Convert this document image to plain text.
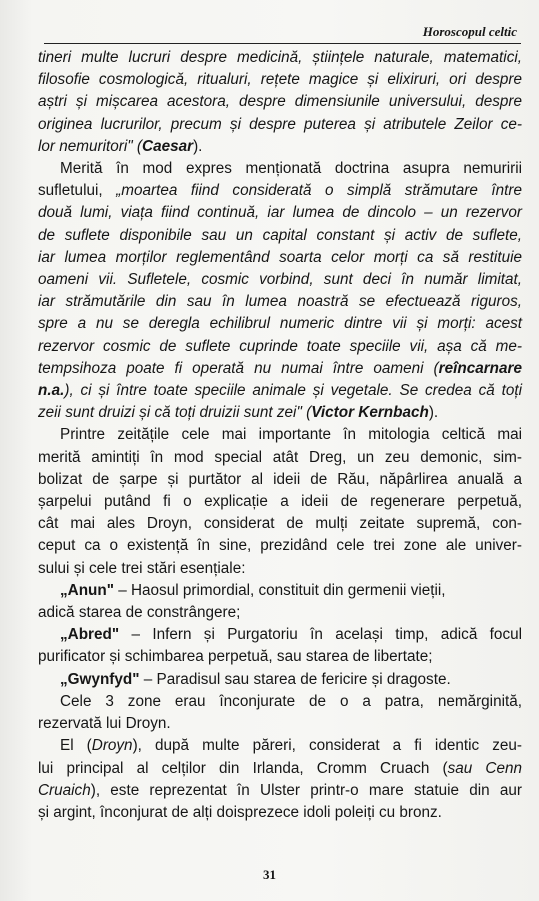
Horoscopul celtic
tineri multe lucruri despre medicină, științele naturale, matematici,
filosofie cosmologică, ritualuri, rețete magice și elixiruri, ori despre
aștri și mișcarea acestora, despre dimensiunile universului, despre
originea lucrurilor, precum și despre puterea și atributele Zeilor ce-
lor nemuritori" (Caesar).
Merită în mod expres menționată doctrina asupra nemuririi
sufletului, „moartea fiind considerată o simplă strămutare între
două lumi, viața fiind continuă, iar lumea de dincolo – un rezervor
de suflete disponibile sau un capital constant și activ de suflete,
iar lumea morților reglementând soarta celor morți ca să restituie
oameni vii. Sufletele, cosmic vorbind, sunt deci în număr limitat,
iar strămutările din sau în lumea noastră se efectuează riguros,
spre a nu se deregla echilibrul numeric dintre vii și morți: acest
rezervor cosmic de suflete cuprinde toate speciile vii, așa că me-
tempsihoza poate fi operată nu numai între oameni (reîncarnare
n.a.), ci și între toate speciile animale și vegetale. Se credea că toți
zeii sunt druizi și că toți druizii sunt zei" (Victor Kernbach).
Printre zeitățile cele mai importante în mitologia celtică mai
merită amintiți în mod special atât Dreg, un zeu demonic, sim-
bolizat de șarpe și purtător al ideii de Rău, năpârlirea anuală a
șarpelui putând fi o explicație a ideii de regenerare perpetuă,
cât mai ales Droyn, considerat de mulți zeitate supremă, con-
ceput ca o existență în sine, prezidând cele trei zone ale univer-
sului și cele trei stări esențiale:
„Anun" – Haosul primordial, constituit din germenii vieții,
adică starea de constrângere;
„Abred" – Infern și Purgatoriu în același timp, adică focul
purificator și schimbarea perpetuă, sau starea de libertate;
„Gwynfyd" – Paradisul sau starea de fericire și dragoste.
Cele 3 zone erau înconjurate de o a patra, nemărginită,
rezervată lui Droyn.
El (Droyn), după multe păreri, considerat a fi identic zeu-
lui principal al celților din Irlanda, Cromm Cruach (sau Cenn
Cruaich), este reprezentat în Ulster printr-o mare statuie din aur
și argint, înconjurat de alți doisprezece idoli poleiți cu bronz.
31
